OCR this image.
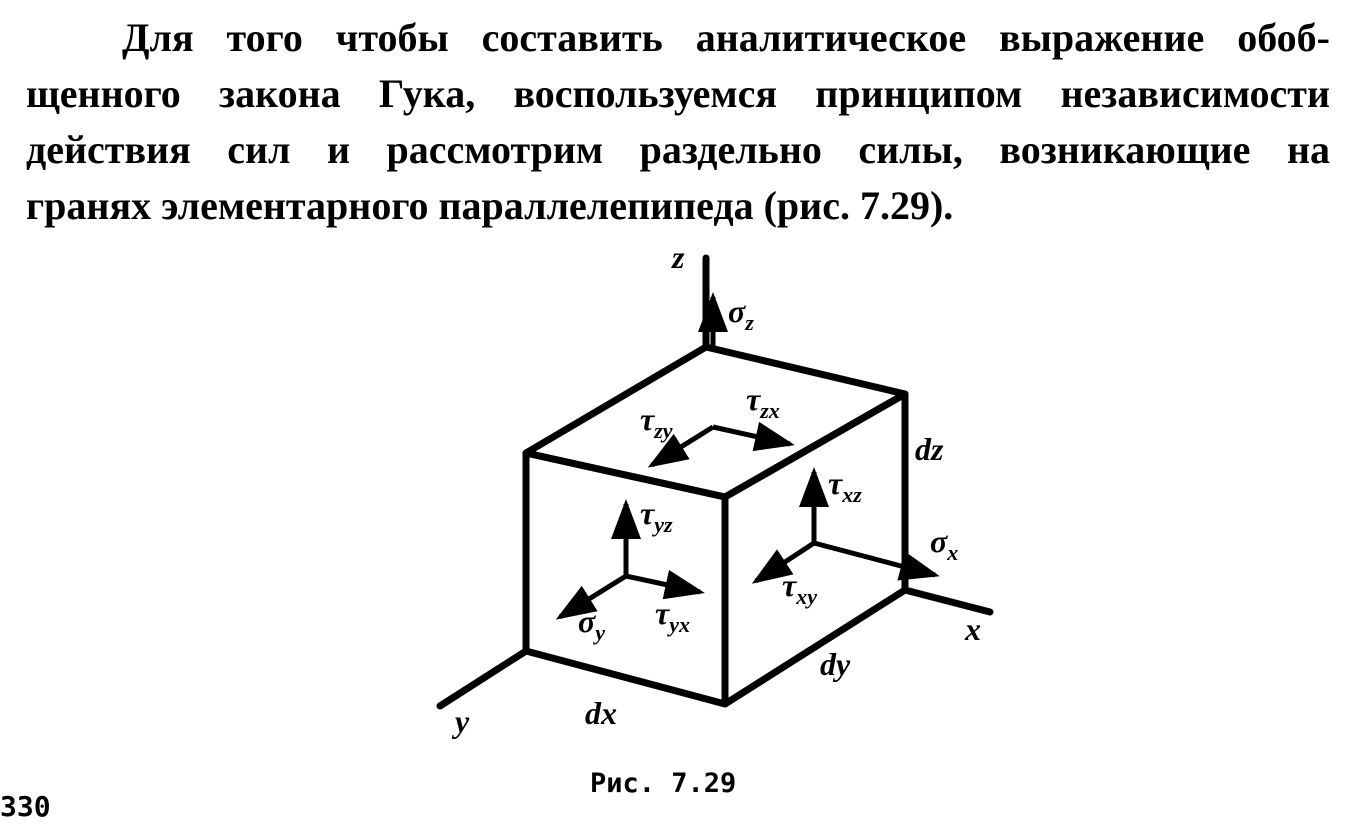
Для того чтобы составить аналитическое выражение обоб-
щенного закона Гука, воспользуемся принципом независимости
действия сил и рассмотрим раздельно силы, возникающие на
гранях элементарного параллелепипеда (рис. 7.29).
z
x
y
dz
dy
dx
$\sigma_z$
$\tau_{zx}$
$\tau_{zy}$
$\tau_{yz}$
$\tau_{yx}$
$\sigma_y$
$\tau_{xz}$
$\sigma_x$
$\tau_{xy}$
Рис. 7.29
330
